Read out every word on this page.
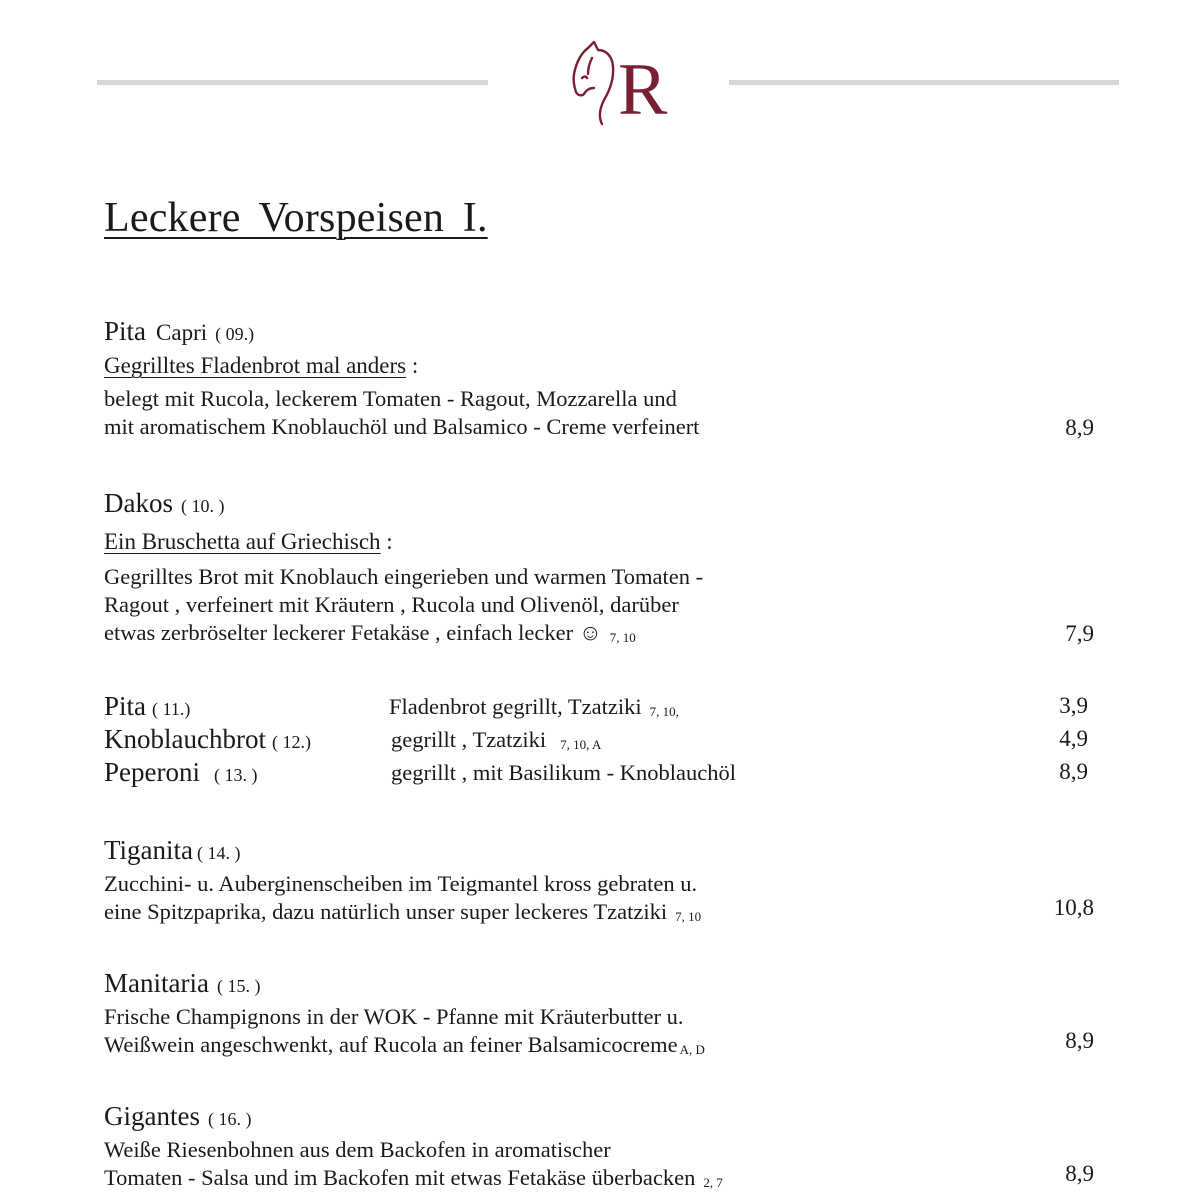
R
Leckere Vorspeisen I.
Pita Capri ( 09.)
Gegrilltes Fladenbrot mal anders :
belegt mit Rucola, leckerem Tomaten - Ragout, Mozzarella und
mit aromatischem Knoblauchöl und Balsamico - Creme verfeinert	8,9
Dakos ( 10. )
Ein Bruschetta auf Griechisch :
Gegrilltes Brot mit Knoblauch eingerieben und warmen Tomaten -
Ragout , verfeinert mit Kräutern , Rucola und Olivenöl, darüber
etwas zerbröselter leckerer Fetakäse , einfach lecker ☺ 7, 10	7,9
Pita ( 11.)	Fladenbrot gegrillt, Tzatziki 7, 10,	3,9
Knoblauchbrot ( 12.)	gegrillt , Tzatziki 7, 10, A	4,9
Peperoni ( 13. )	gegrillt , mit Basilikum - Knoblauchöl	8,9
Tiganita ( 14. )
Zucchini- u. Auberginenscheiben im Teigmantel kross gebraten u.
eine Spitzpaprika, dazu natürlich unser super leckeres Tzatziki 7, 10	10,8
Manitaria ( 15. )
Frische Champignons in der WOK - Pfanne mit Kräuterbutter u.
Weißwein angeschwenkt, auf Rucola an feiner Balsamicocreme A, D	8,9
Gigantes ( 16. )
Weiße Riesenbohnen aus dem Backofen in aromatischer
Tomaten - Salsa und im Backofen mit etwas Fetakäse überbacken 2, 7	8,9
